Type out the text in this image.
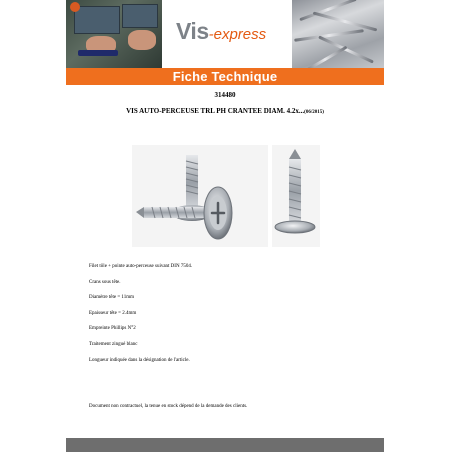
Vis-express
Fiche Technique
314480
VIS AUTO-PERCEUSE TRL PH CRANTEE DIAM. 4.2x...(06/2015)
Filet tôle + pointe auto-perceuse suivant DIN 7504.
Crans sous tête.
Diamètre tête = 11mm
Epaisseur tête = 2.4mm
Empreinte Phillips N°2
Traitement zingué blanc
Longueur indiquée dans la désignation de l'article.
Document non contractuel, la tenue en stock dépend de la demande des clients.
